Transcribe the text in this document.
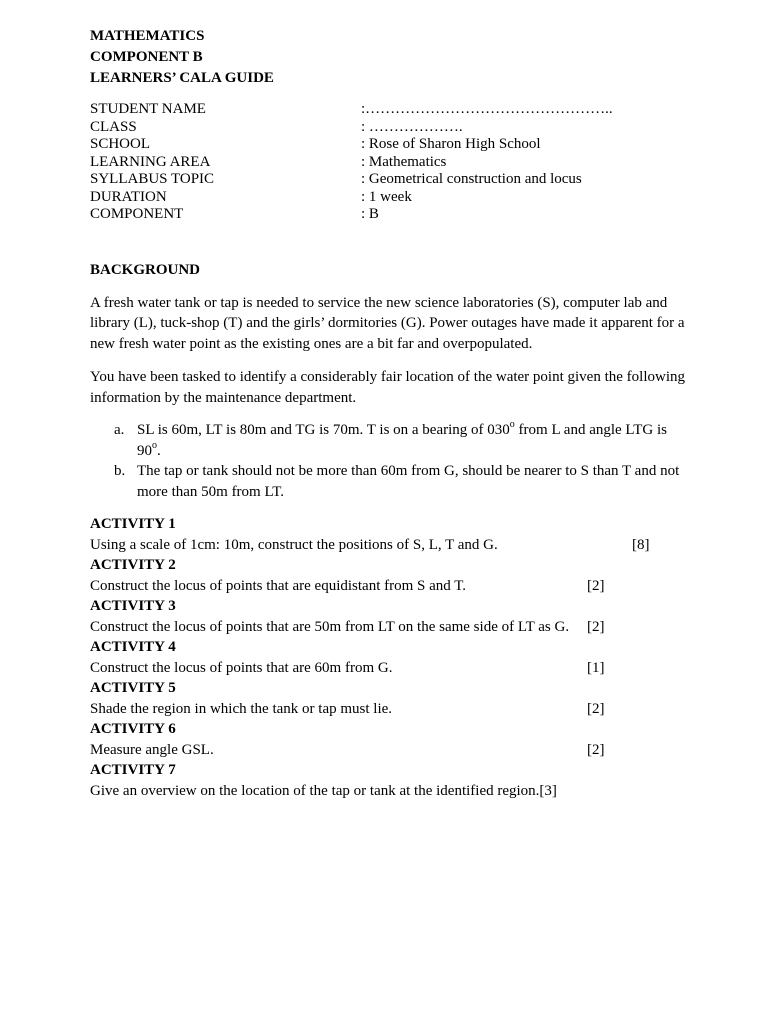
MATHEMATICS
COMPONENT B
LEARNERS’ CALA GUIDE
STUDENT NAME	:…………………………………………..
CLASS	: ……………….
SCHOOL	: Rose of Sharon High School
LEARNING AREA	: Mathematics
SYLLABUS TOPIC	: Geometrical construction and locus
DURATION	: 1 week
COMPONENT	: B
BACKGROUND
A fresh water tank or tap is needed to service the new science laboratories (S), computer lab and library (L), tuck-shop (T) and the girls’ dormitories (G). Power outages have made it apparent for a new fresh water point as the existing ones are a bit far and overpopulated.
You have been tasked to identify a considerably fair location of the water point given the following information by the maintenance department.
a. SL is 60m, LT is 80m and TG is 70m. T is on a bearing of 030$^o$ from L and angle LTG is 90$^o$.
b. The tap or tank should not be more than 60m from G, should be nearer to S than T and not more than 50m from LT.
ACTIVITY 1
Using a scale of 1cm: 10m, construct the positions of S, L, T and G.	[8]
ACTIVITY 2
Construct the locus of points that are equidistant from S and T.	[2]
ACTIVITY 3
Construct the locus of points that are 50m from LT on the same side of LT as G. [2]
ACTIVITY 4
Construct the locus of points that are 60m from G.	[1]
ACTIVITY 5
Shade the region in which the tank or tap must lie.	[2]
ACTIVITY 6
Measure angle GSL.	[2]
ACTIVITY 7
Give an overview on the location of the tap or tank at the identified region.[3]
